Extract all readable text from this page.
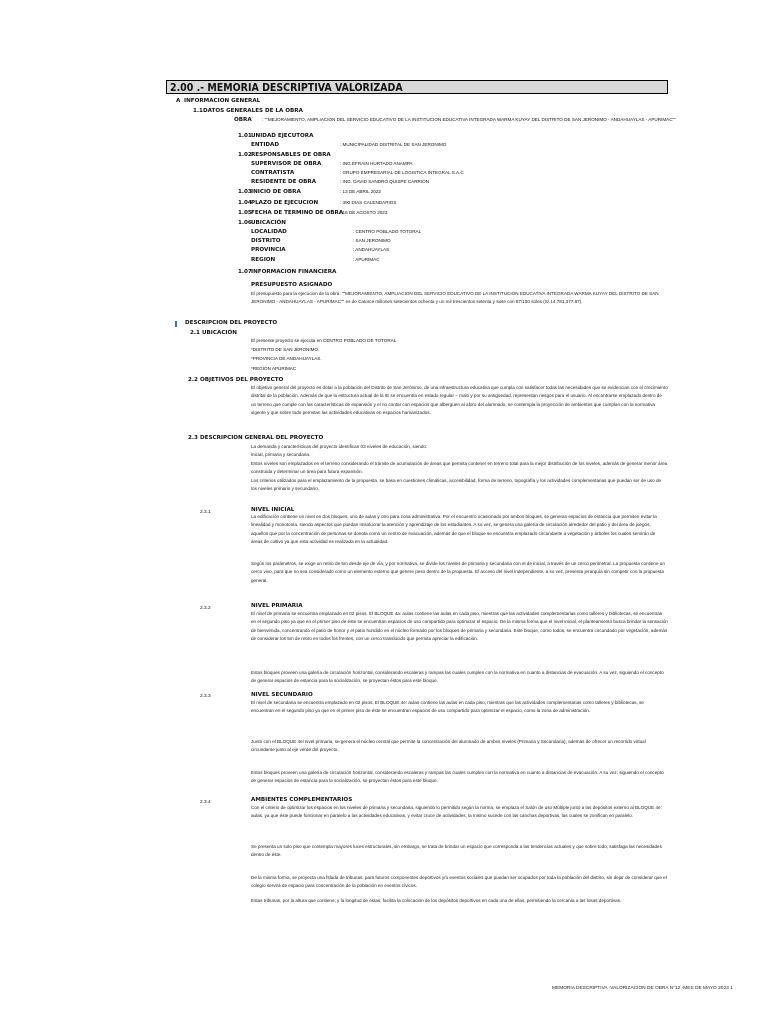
2.00 .- MEMORIA DESCRIPTIVA VALORIZADA
A INFORMACION GENERAL
1.1 DATOS GENERALES DE LA OBRA
OBRA : ""MEJORAMIENTO, AMPLIACION DEL SERVICIO EDUCATIVO DE LA INSTITUCION EDUCATIVA INTEGRADA WARMA KUYAY DEL DISTRITO DE SAN JERONIMO - ANDAHUAYLAS - APURIMAC""
1.01 UNIDAD EJECUTORA
ENTIDAD	: MUNICIPALIDAD DISTRITAL DE SAN JERONIMO
1.02 RESPONSABLES DE OBRA
SUPERVISOR DE OBRA	: ING.EFRAIN HURTADO ANAMPA
CONTRATISTA	: GRUPO EMPRESARIAL DE LOGISTICA INTEGRAL S.A.C
RESIDENTE DE OBRA	: ING. DAVID SANDRO QUISPE CARRION
1.03 INICIO DE OBRA	: 13 DE ABRIL 2022
1.04 PLAZO DE EJECUCION	: 390 DIAS CALENDARIOS
1.05 FECHA DE TERMINO DE OBRA
: 16 DE AGOSTO 2023
1.06 UBICACIÓN
LOCALIDAD	: CENTRO POBLADO TOTORAL
DISTRITO	: SAN JERONIMO
PROVINCIA	: ANDAHUAYLAS
REGION	: APURIMAC
1.07 INFORMACION FINANCIERA
PRESUPUESTO ASIGNADO
El presupuesto para la ejecucion de la obra: ""MEJORAMIENTO, AMPLIACION DEL SERVICIO EDUCATIVO DE LA INSTITUCION EDUCATIVA INTEGRADA WARMA KUYAY DEL DISTRITO DE SAN JERONIMO - ANDAHUAYLAS - APURIMAC"" es de Catorce millones setecientos ochenta y un mil trescientos setenta y siete con 87/100 soles (S/.14,781,377.87).
DESCRIPCION DEL PROYECTO
2.1 UBICACIÓN
El presente proyecto se ejecuta en CENTRO POBLADO DE TOTORAL
*DISTRITO DE SAN JERONIMO.
*PROVINCIA DE ANDAHUAYLAS.
*REGION APURIMAC
2.2 OBJETIVOS DEL PROYECTO
El objetivo general del proyecto es dotar a la población del Distrito de San Jerónimo, de una infraestructura educativa que cumpla con satisfacer todas las necesidades que se evidencian con el crecimiento distrital de la población. Además de que la estructura actual de la IE se encuentra en estado regular – malo y por su antigüedad, representan riesgos para el usuario. Al encontrarse emplazado dentro de un terreno que cumple con las características de expansión y el no contar con espacios que alberguen al aforo del alumnado, se contempla la proyección de ambientes que cumplan con la normativa vigente y que sobre todo permitan las actividades educativas en espacios humanizados.
2.3 DESCRIPCION GENERAL DEL PROYECTO

La demanda y características del proyecto identifican 03 niveles de educación, siendo:

inicial, primaria y secundaria.

Estos niveles son emplazados en el terreno considerando el trámite de acumulación de áreas que permita contener en terreno total para la mejor distribución de los niveles, además de generar menor área construida y determinar un área para futura expansión.

Los criterios utilizados para el emplazamiento de la propuesta, se basa en cuestiones climáticas, accesibilidad, forma de terreno, topografía y los actividades complementarias que puedan ser de uso de los niveles primario y secundario.

2.3.1	NIVEL INICIAL
La edificación contiene un nivel en dos bloques, uno de aulas y otro para zona administrativa. Por el encuentro ocasionado por ambos bloques, se generan espacios de estancia que permiten evitar la linealidad y monotonía, siendo aspectos que puedan imsolucrar la atención y aprendizaje de los estudiantes. A su vez, se genera una galería de circulación alrededor del patio y del área de juegos, aquellos que por la concentración de personas se donota como un centro de evacuación, además de que el bloque se encuentra emplazado circundante a vegetación y árboles los cuales servirán de áreas de cultivo ya que esta actividad es realizada en la actualidad.
Según los parámetros, se exige un retiro de 5m desde eje de vía, y por normativa, se divide los niveles de primaria y secundaria con el de inicial, a través de un cerco perimetral. La propuesta contiene un cerco vivo, para que no sea considerado como un elemento externo que genere peso dentro de la propuesta. El acceso del nivel independiente, a su vez, presenta jerarquía sin competir con la propuesta general.
2.3.2	NIVEL PRIMARIA
El nivel de primaria se encuentra emplazado en 02 pisos. El BLOQUE 4a: aulas contiene las aulas en cada piso, mientras que las actividades complementarias como talleres y bibliotecas, se encuentran en el segundo piso ya que en el primer piso de éste se encuentran espacios de uso compartido para optimizar el espacio. De la misma forma que el nivel inicial, el planteamiento busca brindar la sensación de bienvenida, concentrando el patio de honor y el patio hundido en el núcleo formado por los bloques de primaria y secundaria. Este bloque, como todos, se encuentra circundado por vegetación, además de considerar los 5m de retiro en todos los frentes, con un cerco translúcido que permita apreciar la edificación.
Estos bloques proveen una galería de circulación horizontal, considerando escaleras y rampas las cuales cumplen con la normativa en cuanto a distancias de evacuación. A su vez, siguiendo el concepto de generar espacios de estancia para la socialización, se proyectan éstos para este bloque.
2.3.3	NIVEL SECUNDARIO
El nivel de secundaria se encuentra emplazado en 02 pisos. El BLOQUE 4e: aulas contiene las aulas en cada piso, mientras que las actividades complementarias como talleres y bibliotecas, se encuentran en el segundo piso ya que en el primer piso de éste se encuentran espacios de uso compartido para optimizar el espacio, como la zona de administración.
Junto con el BLOQUE 4el nivel primaria, se genera el núcleo central que permite la concentración del alumnado de ambos niveles (Primaria y Secundaria), además de ofrecer un recorrido virtual circundante junto al eje verde del proyecto.
Estos bloques proveen una galería de circulación horizontal, considerando escaleras y rampas las cuales cumplen con la normativa en cuanto a distancias de evacuación. A su vez, siguiendo el concepto de generar espacios de estancia para la socialización, se proyectan éstos para este bloque.
2.3.4	AMBIENTES COMPLEMENTARIOS
Con el criterio de optimizar los espacios en los niveles de primaria y secundaria, siguiendo lo permitido según la norma, se emplaza el Salón de uso Múltiple junto a las depósitos externo al BLOQUE 4e: aulas, ya que éste puede funcionar en paralelo a las actividades educativas, y evitar cruce de actividades, la mismo sucede con las canchas deportivas, las cuales se zonifican en paralelo.
Se presenta un solo piso que contempla mayores luces estructurales, sin embargo, se trata de brindar un espacio que corresponda a las tendencias actuales y que sobre todo, satisfaga las necesidades dentro de éste.
De la misma forma, se proyecta una fslada de tribunas, para futuros componentes deportivos y/o eventos sociales que puedan ser ocupados por toda la población del distrito, sin dejar de considerar que el colegio servirá de espacio para concentración de la población en eventos cívicos.
Estas tribunas, por la altura que contiene, y la longitud de éstas, facilita la colocación de los depósitos deportivos en cada una de ellas, permitiendo la cercanía a las losas deportivas.
MEMORIA DESCRIPTIVA -VALORIZACION DE OBRA N°12 -MES DE MAYO 2023 1
